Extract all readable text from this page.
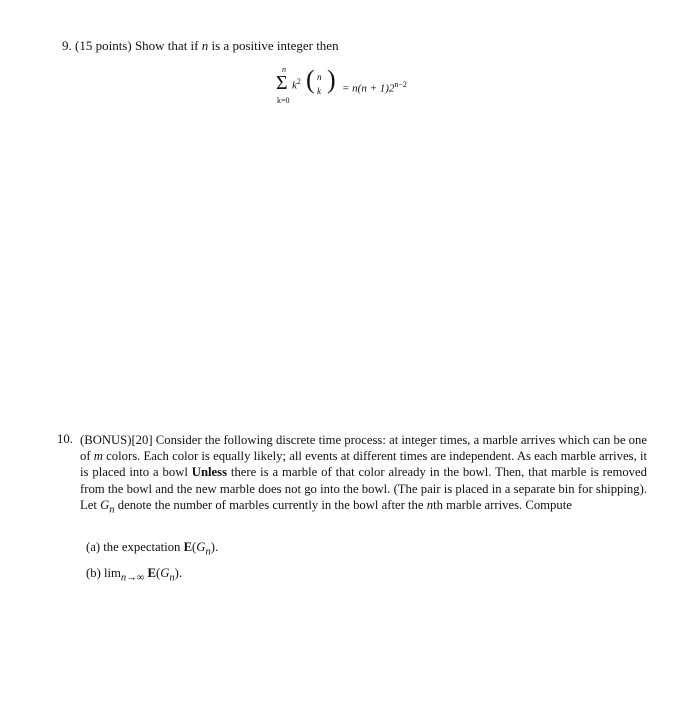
9. (15 points) Show that if n is a positive integer then
n
Σ
k=0
$k^2$ ( n
k ) = $n(n + 1)2^{n-2}$
10. (BONUS)[20] Consider the following discrete time process: at integer times, a marble arrives which can be one of m colors. Each color is equally likely; all events at different times are independent. As each marble arrives, it is placed into a bowl Unless there is a marble of that color already in the bowl. Then, that marble is removed from the bowl and the new marble does not go into the bowl. (The pair is placed in a separate bin for shipping). Let $G_n$ denote the number of marbles currently in the bowl after the nth marble arrives. Compute
(a) the expectation $E(G_n)$.
(b) $\lim_{n\to\infty} E(G_n)$.
